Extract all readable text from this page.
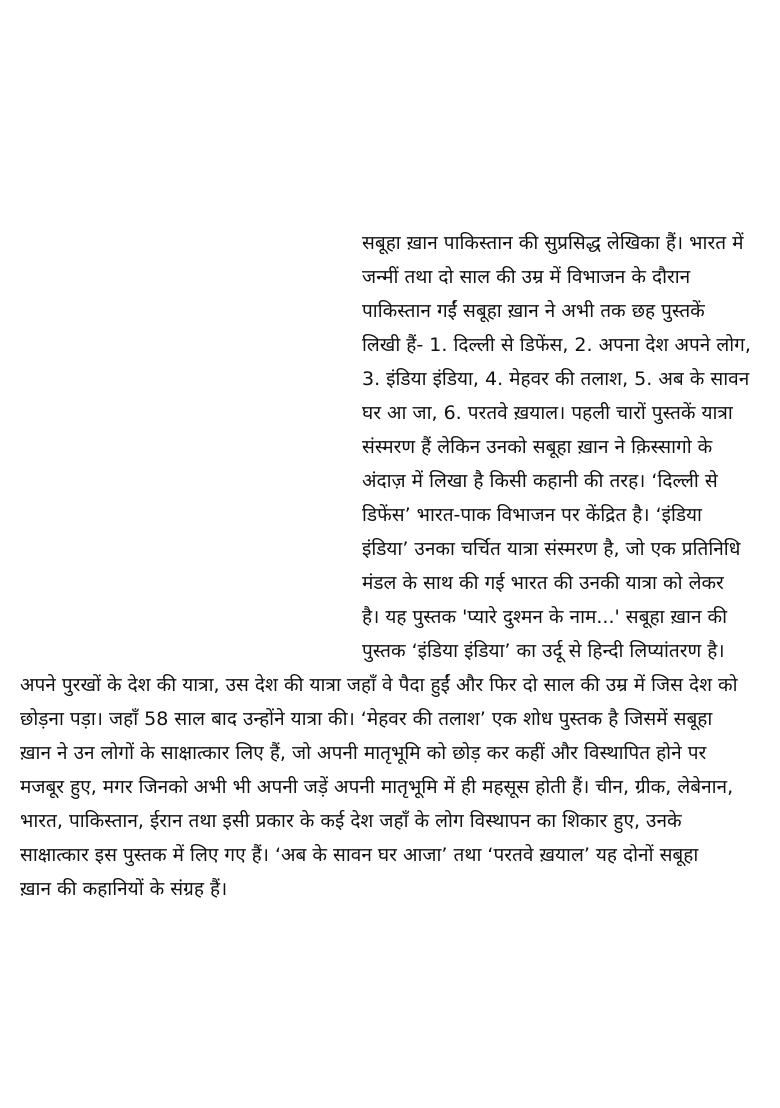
सबूहा ख़ान पाकिस्तान की सुप्रसिद्ध लेखिका हैं। भारत में
जन्मीं तथा दो साल की उम्र में विभाजन के दौरान
पाकिस्तान गईं सबूहा ख़ान ने अभी तक छह पुस्तकें
लिखी हैं- 1. दिल्ली से डिफेंस, 2. अपना देश अपने लोग,
3. इंडिया इंडिया, 4. मेहवर की तलाश, 5. अब के सावन
घर आ जा, 6. परतवे ख़याल। पहली चारों पुस्तकें यात्रा
संस्मरण हैं लेकिन उनको सबूहा ख़ान ने क़िस्सागो के
अंदाज़ में लिखा है किसी कहानी की तरह। ‘दिल्ली से
डिफेंस’ भारत-पाक विभाजन पर केंद्रित है। ‘इंडिया
इंडिया’ उनका चर्चित यात्रा संस्मरण है, जो एक प्रतिनिधि
मंडल के साथ की गई भारत की उनकी यात्रा को लेकर
है। यह पुस्तक 'प्यारे दुश्मन के नाम...' सबूहा ख़ान की
पुस्तक ‘इंडिया इंडिया’ का उर्दू से हिन्दी लिप्यांतरण है।
अपने पुरखों के देश की यात्रा, उस देश की यात्रा जहाँ वे पैदा हुईं और फिर दो साल की उम्र में जिस देश को
छोड़ना पड़ा। जहाँ 58 साल बाद उन्होंने यात्रा की। ‘मेहवर की तलाश’ एक शोध पुस्तक है जिसमें सबूहा
ख़ान ने उन लोगों के साक्षात्कार लिए हैं, जो अपनी मातृभूमि को छोड़ कर कहीं और विस्थापित होने पर
मजबूर हुए, मगर जिनको अभी भी अपनी जड़ें अपनी मातृभूमि में ही महसूस होती हैं। चीन, ग्रीक, लेबेनान,
भारत, पाकिस्तान, ईरान तथा इसी प्रकार के कई देश जहाँ के लोग विस्थापन का शिकार हुए, उनके
साक्षात्कार इस पुस्तक में लिए गए हैं। ‘अब के सावन घर आजा’ तथा ‘परतवे ख़याल’ यह दोनों सबूहा
ख़ान की कहानियों के संग्रह हैं।
